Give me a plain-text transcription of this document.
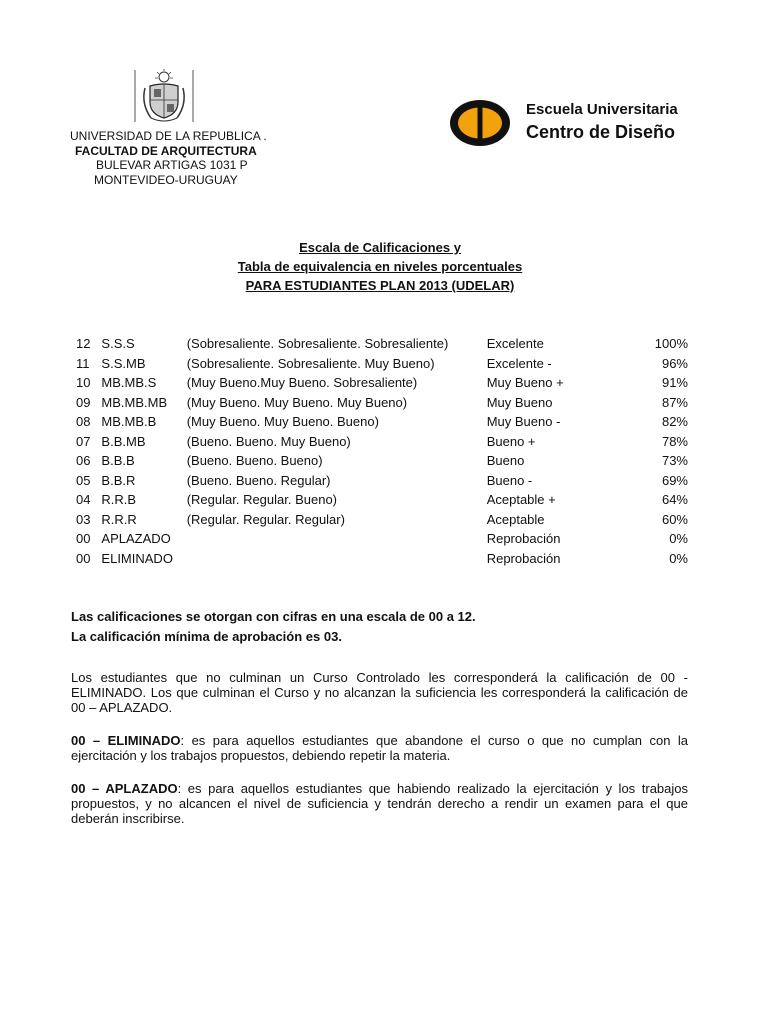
UNIVERSIDAD DE LA REPUBLICA .
FACULTAD DE ARQUITECTURA
BULEVAR ARTIGAS 1031 P
MONTEVIDEO-URUGUAY
Escuela Universitaria
Centro de Diseño
Escala de Calificaciones y
Tabla de equivalencia en niveles porcentuales
PARA ESTUDIANTES PLAN 2013 (UDELAR)
12	S.S.S	(Sobresaliente. Sobresaliente. Sobresaliente)	Excelente	100%
11	S.S.MB	(Sobresaliente. Sobresaliente. Muy Bueno)	Excelente -	96%
10	MB.MB.S	(Muy Bueno.Muy Bueno. Sobresaliente)	Muy Bueno +	91%
09	MB.MB.MB	(Muy Bueno. Muy Bueno. Muy Bueno)	Muy Bueno	87%
08	MB.MB.B	(Muy Bueno. Muy Bueno. Bueno)	Muy Bueno -	82%
07	B.B.MB	(Bueno. Bueno. Muy Bueno)	Bueno +	78%
06	B.B.B	(Bueno. Bueno. Bueno)	Bueno	73%
05	B.B.R	(Bueno. Bueno. Regular)	Bueno -	69%
04	R.R.B	(Regular. Regular. Bueno)	Aceptable +	64%
03	R.R.R	(Regular. Regular. Regular)	Aceptable	60%
00	APLAZADO		Reprobación	0%
00	ELIMINADO		Reprobación	0%
Las calificaciones se otorgan con cifras en una escala de 00 a 12.
La calificación mínima de aprobación es 03.
Los estudiantes que no culminan un Curso Controlado les corresponderá la calificación de 00 - ELIMINADO. Los que culminan el Curso y no alcanzan la suficiencia les corresponderá la calificación de 00 – APLAZADO.
00 – ELIMINADO: es para aquellos estudiantes que abandone el curso o que no cumplan con la ejercitación y los trabajos propuestos, debiendo repetir la materia.
00 – APLAZADO: es para aquellos estudiantes que habiendo realizado la ejercitación y los trabajos propuestos, y no alcancen el nivel de suficiencia y tendrán derecho a rendir un examen para el que deberán inscribirse.
